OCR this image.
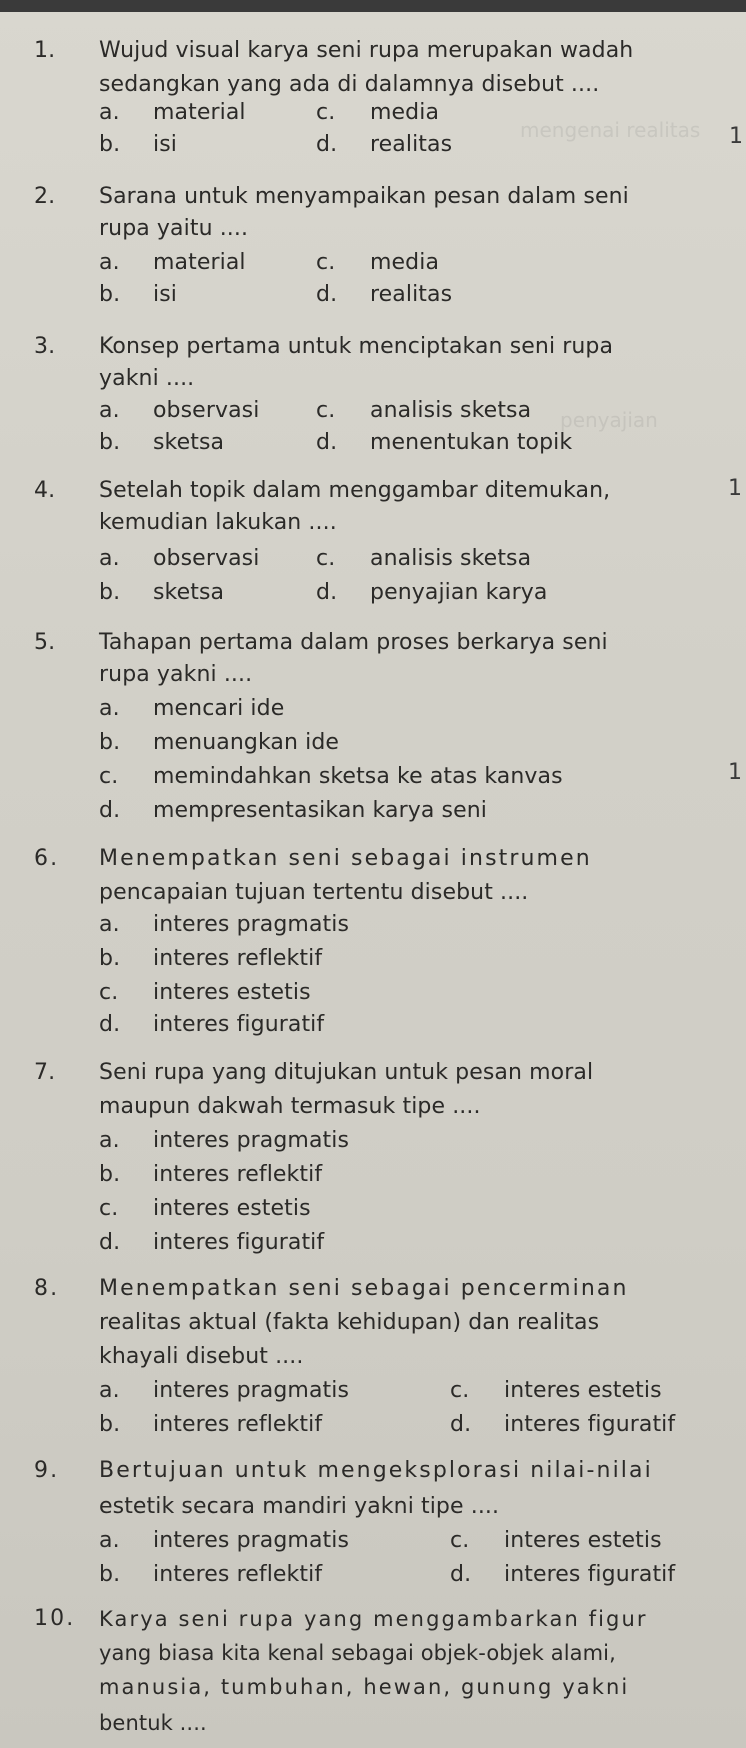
mengenai realitas
penyajian
1. Wujud visual karya seni rupa merupakan wadah
sedangkan yang ada di dalamnya disebut ....
a. material	c. media
b. isi	d. realitas	1
2. Sarana untuk menyampaikan pesan dalam seni
rupa yaitu ....
a. material	c. media
b. isi	d. realitas
3. Konsep pertama untuk menciptakan seni rupa
yakni ....
a. observasi	c. analisis sketsa
b. sketsa	d. menentukan topik
4. Setelah topik dalam menggambar ditemukan,
kemudian lakukan ....
a. observasi	c. analisis sketsa
b. sketsa	d. penyajian karya
1
5. Tahapan pertama dalam proses berkarya seni
rupa yakni ....
a. mencari ide
b. menuangkan ide
c. memindahkan sketsa ke atas kanvas
d. mempresentasikan karya seni
1
6. Menempatkan seni sebagai instrumen
pencapaian tujuan tertentu disebut ....
a. interes pragmatis
b. interes reflektif
c. interes estetis
d. interes figuratif
7. Seni rupa yang ditujukan untuk pesan moral
maupun dakwah termasuk tipe ....
a. interes pragmatis
b. interes reflektif
c. interes estetis
d. interes figuratif
8. Menempatkan seni sebagai pencerminan
realitas aktual (fakta kehidupan) dan realitas
khayali disebut ....
a. interes pragmatis	c. interes estetis
b. interes reflektif	d. interes figuratif
9. Bertujuan untuk mengeksplorasi nilai-nilai
estetik secara mandiri yakni tipe ....
a. interes pragmatis	c. interes estetis
b. interes reflektif	d. interes figuratif
10. Karya seni rupa yang menggambarkan figur
yang biasa kita kenal sebagai objek-objek alami,
manusia, tumbuhan, hewan, gunung yakni
bentuk ....
